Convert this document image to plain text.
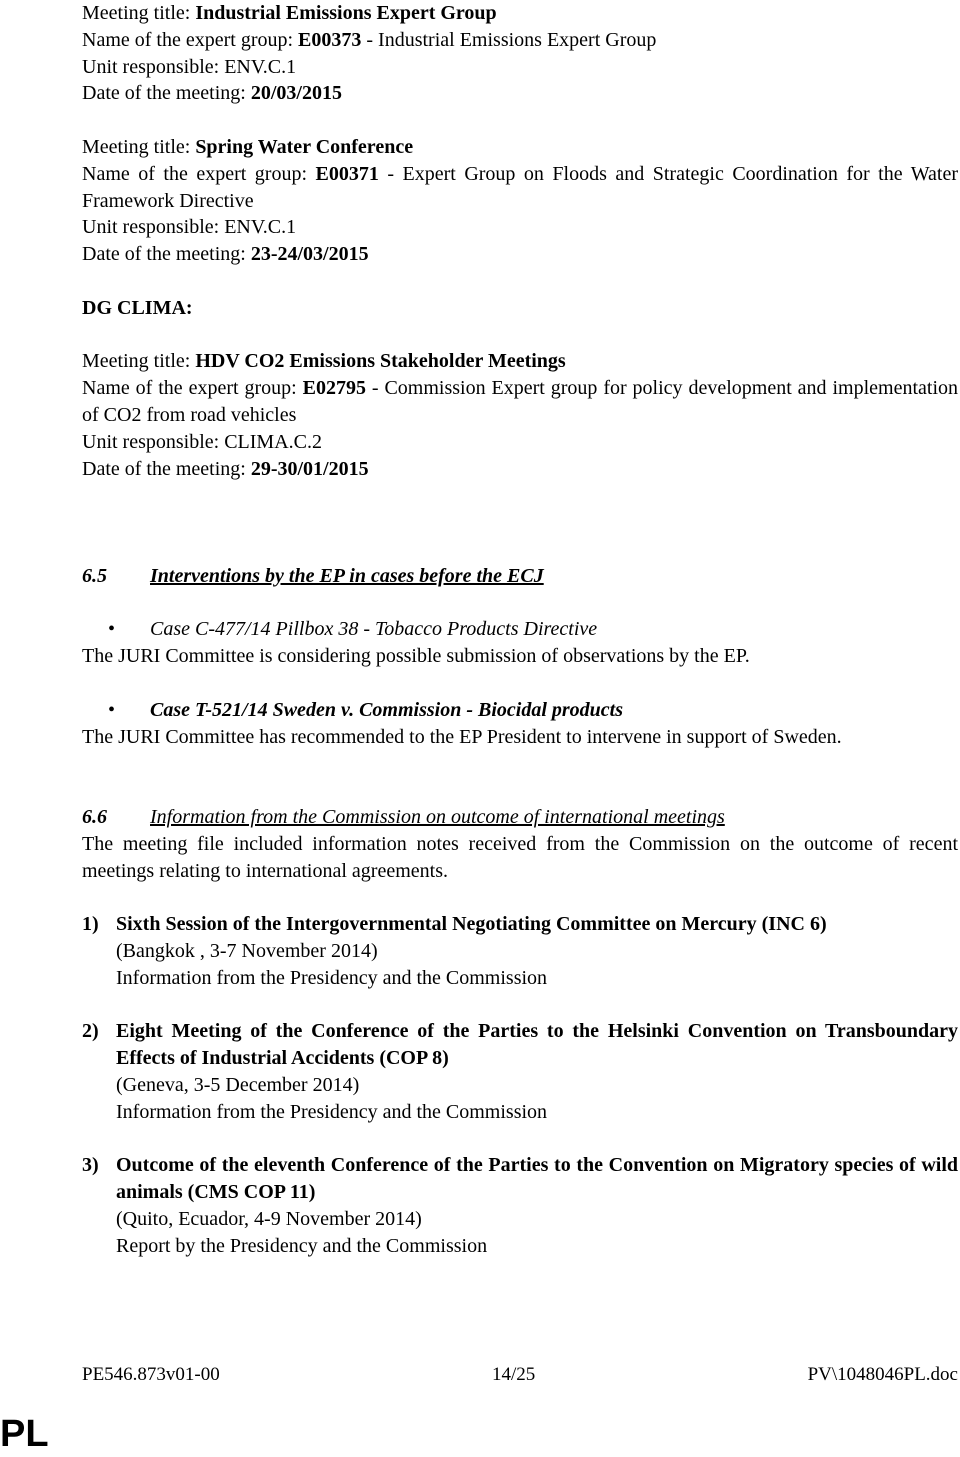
Meeting title: Industrial Emissions Expert Group

Name of the expert group: E00373 - Industrial Emissions Expert Group

Unit responsible: ENV.C.1

Date of the meeting: 20/03/2015

Meeting title: Spring Water Conference

Name of the expert group: E00371 - Expert Group on Floods and Strategic Coordination for the Water Framework Directive

Unit responsible: ENV.C.1

Date of the meeting: 23-24/03/2015

DG CLIMA:

Meeting title: HDV CO2 Emissions Stakeholder Meetings

Name of the expert group: E02795 - Commission Expert group for policy development and implementation of CO2 from road vehicles

Unit responsible: CLIMA.C.2

Date of the meeting: 29-30/01/2015

6.5	Interventions by the EP in cases before the ECJ

•	Case C-477/14 Pillbox 38 - Tobacco Products Directive

The JURI Committee is considering possible submission of observations by the EP.

•	Case T-521/14 Sweden v. Commission - Biocidal products

The JURI Committee has recommended to the EP President to intervene in support of Sweden.

6.6	Information from the Commission on outcome of international meetings

The meeting file included information notes received from the Commission on the outcome of recent meetings relating to international agreements.

1) Sixth Session of the Intergovernmental Negotiating Committee on Mercury (INC 6)

(Bangkok , 3-7 November 2014)

Information from the Presidency and the Commission

2) Eight Meeting of the Conference of the Parties to the Helsinki Convention on Transboundary Effects of Industrial Accidents (COP 8)

(Geneva, 3-5 December 2014)

Information from the Presidency and the Commission

3) Outcome of the eleventh Conference of the Parties to the Convention on Migratory species of wild animals (CMS COP 11)

(Quito, Ecuador, 4-9 November 2014)

Report by the Presidency and the Commission

PE546.873v01-00	14/25	PV\1048046PL.doc
PL
